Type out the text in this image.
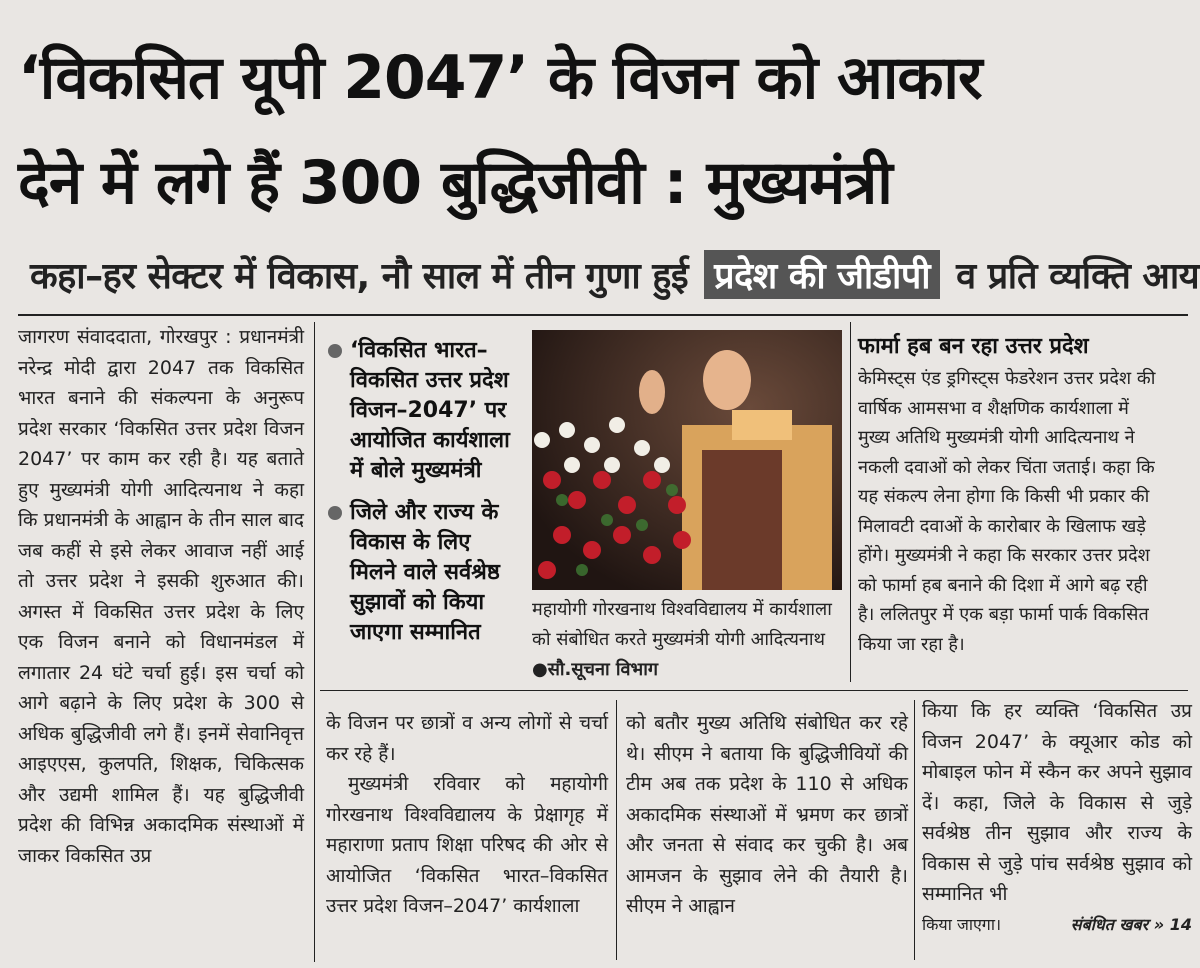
‘विकसित यूपी 2047’ के विजन को आकार
देने में लगे हैं 300 बुद्धिजीवी : मुख्यमंत्री
कहा–हर सेक्टर में विकास, नौ साल में तीन गुणा हुई प्रदेश की जीडीपी व प्रति व्यक्ति आय

जागरण संवाददाता, गोरखपुर : प्रधानमंत्री नरेन्द्र मोदी द्वारा 2047 तक विकसित भारत बनाने की संकल्पना के अनुरूप प्रदेश सरकार ‘विकसित उत्तर प्रदेश विजन 2047’ पर काम कर रही है। यह बताते हुए मुख्यमंत्री योगी आदित्यनाथ ने कहा कि प्रधानमंत्री के आह्वान के तीन साल बाद जब कहीं से इसे लेकर आवाज नहीं आई तो उत्तर प्रदेश ने इसकी शुरुआत की। अगस्त में विकसित उत्तर प्रदेश के लिए एक विजन बनाने को विधानमंडल में लगातार 24 घंटे चर्चा हुई। इस चर्चा को आगे बढ़ाने के लिए प्रदेश के 300 से अधिक बुद्धिजीवी लगे हैं। इनमें सेवानिवृत्त आइएएस, कुलपति, शिक्षक, चिकित्सक और उद्यमी शामिल हैं। यह बुद्धिजीवी प्रदेश की विभिन्न अकादमिक संस्थाओं में जाकर विकसित उप्र

‘विकसित भारत–विकसित उत्तर प्रदेश विजन–2047’ पर आयोजित कार्यशाला में बोले मुख्यमंत्री
जिले और राज्य के विकास के लिए मिलने वाले सर्वश्रेष्ठ सुझावों को किया जाएगा सम्मानित
महायोगी गोरखनाथ विश्वविद्यालय में कार्यशाला को संबोधित करते मुख्यमंत्री योगी आदित्यनाथ ●सौ.सूचना विभाग
फार्मा हब बन रहा उत्तर प्रदेश

केमिस्ट्स एंड ड्रगिस्ट्स फेडरेशन उत्तर प्रदेश की वार्षिक आमसभा व शैक्षणिक कार्यशाला में मुख्य अतिथि मुख्यमंत्री योगी आदित्यनाथ ने नकली दवाओं को लेकर चिंता जताई। कहा कि यह संकल्प लेना होगा कि किसी भी प्रकार की मिलावटी दवाओं के कारोबार के खिलाफ खड़े होंगे। मुख्यमंत्री ने कहा कि सरकार उत्तर प्रदेश को फार्मा हब बनाने की दिशा में आगे बढ़ रही है। ललितपुर में एक बड़ा फार्मा पार्क विकसित किया जा रहा है।

के विजन पर छात्रों व अन्य लोगों से चर्चा कर रहे हैं।

मुख्यमंत्री रविवार को महायोगी गोरखनाथ विश्वविद्यालय के प्रेक्षागृह में महाराणा प्रताप शिक्षा परिषद की ओर से आयोजित ‘विकसित भारत–विकसित उत्तर प्रदेश विजन–2047’ कार्यशाला

को बतौर मुख्य अतिथि संबोधित कर रहे थे। सीएम ने बताया कि बुद्धिजीवियों की टीम अब तक प्रदेश के 110 से अधिक अकादमिक संस्थाओं में भ्रमण कर छात्रों और जनता से संवाद कर चुकी है। अब आमजन के सुझाव लेने की तैयारी है। सीएम ने आह्वान

किया कि हर व्यक्ति ‘विकसित उप्र विजन 2047’ के क्यूआर कोड को मोबाइल फोन में स्कैन कर अपने सुझाव दें। कहा, जिले के विकास से जुड़े सर्वश्रेष्ठ तीन सुझाव और राज्य के विकास से जुड़े पांच सर्वश्रेष्ठ सुझाव को सम्मानित भी

किया जाएगा।	संबंधित खबर » 14
